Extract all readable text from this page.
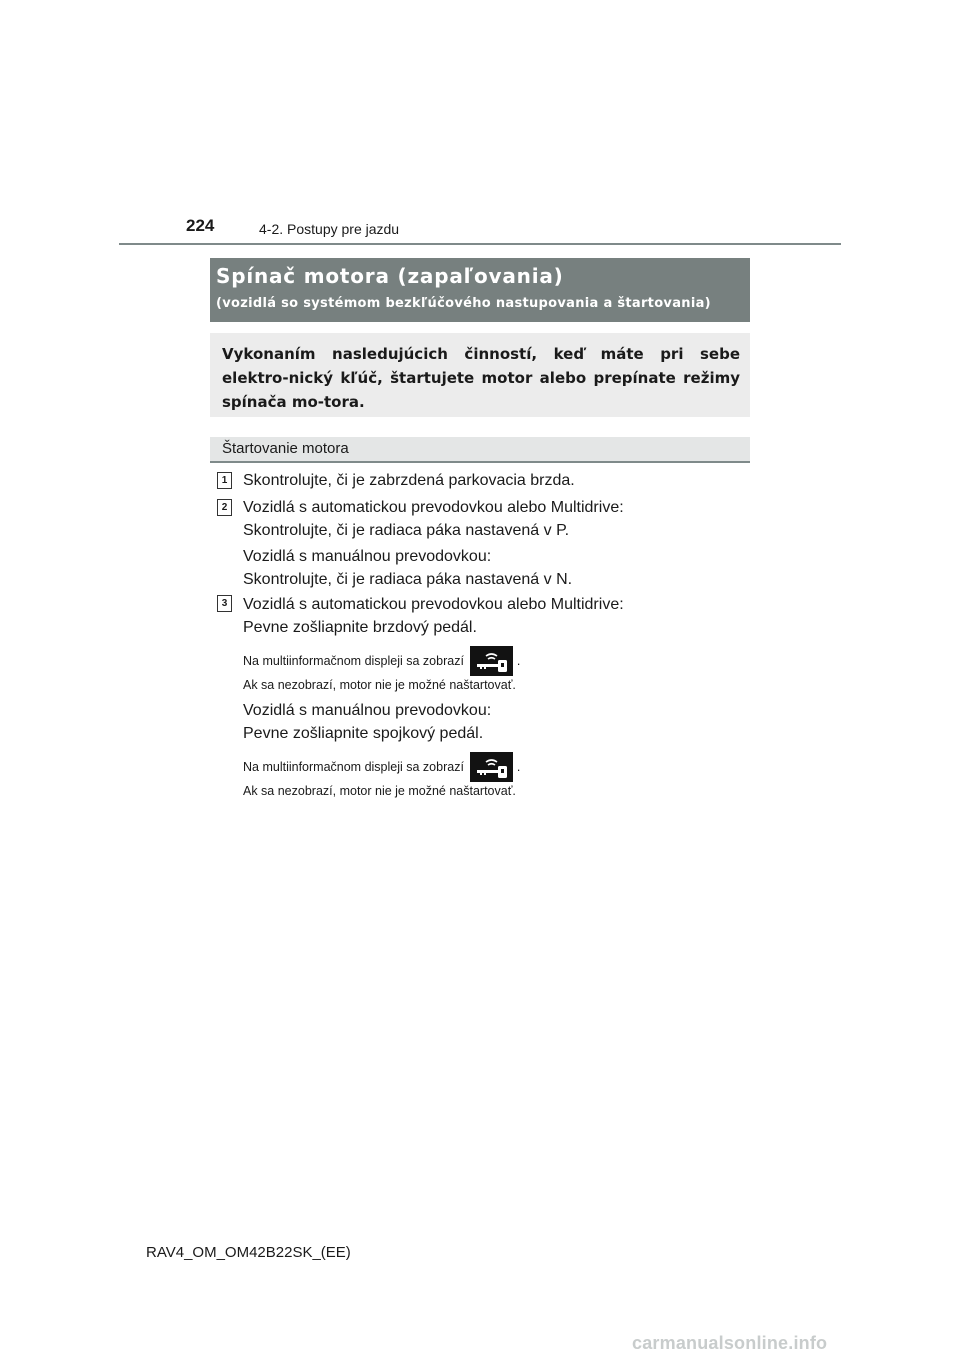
224	4-2. Postupy pre jazdu
Spínač motora (zapaľovania)
(vozidlá so systémom bezkľúčového nastupovania a štartovania)
Vykonaním nasledujúcich činností, keď máte pri sebe elektro-nický kľúč, štartujete motor alebo prepínate režimy spínača mo-tora.
Štartovanie motora
1 Skontrolujte, či je zabrzdená parkovacia brzda.
2 Vozidlá s automatickou prevodovkou alebo Multidrive:
Skontrolujte, či je radiaca páka nastavená v P.
Vozidlá s manuálnou prevodovkou:
Skontrolujte, či je radiaca páka nastavená v N.
3 Vozidlá s automatickou prevodovkou alebo Multidrive:
Pevne zošliapnite brzdový pedál.
Na multiinformačnom displeji sa zobrazí	.
Ak sa nezobrazí, motor nie je možné naštartovať.
Vozidlá s manuálnou prevodovkou:
Pevne zošliapnite spojkový pedál.
Na multiinformačnom displeji sa zobrazí	.
Ak sa nezobrazí, motor nie je možné naštartovať.
RAV4_OM_OM42B22SK_(EE)
carmanualsonline.info
